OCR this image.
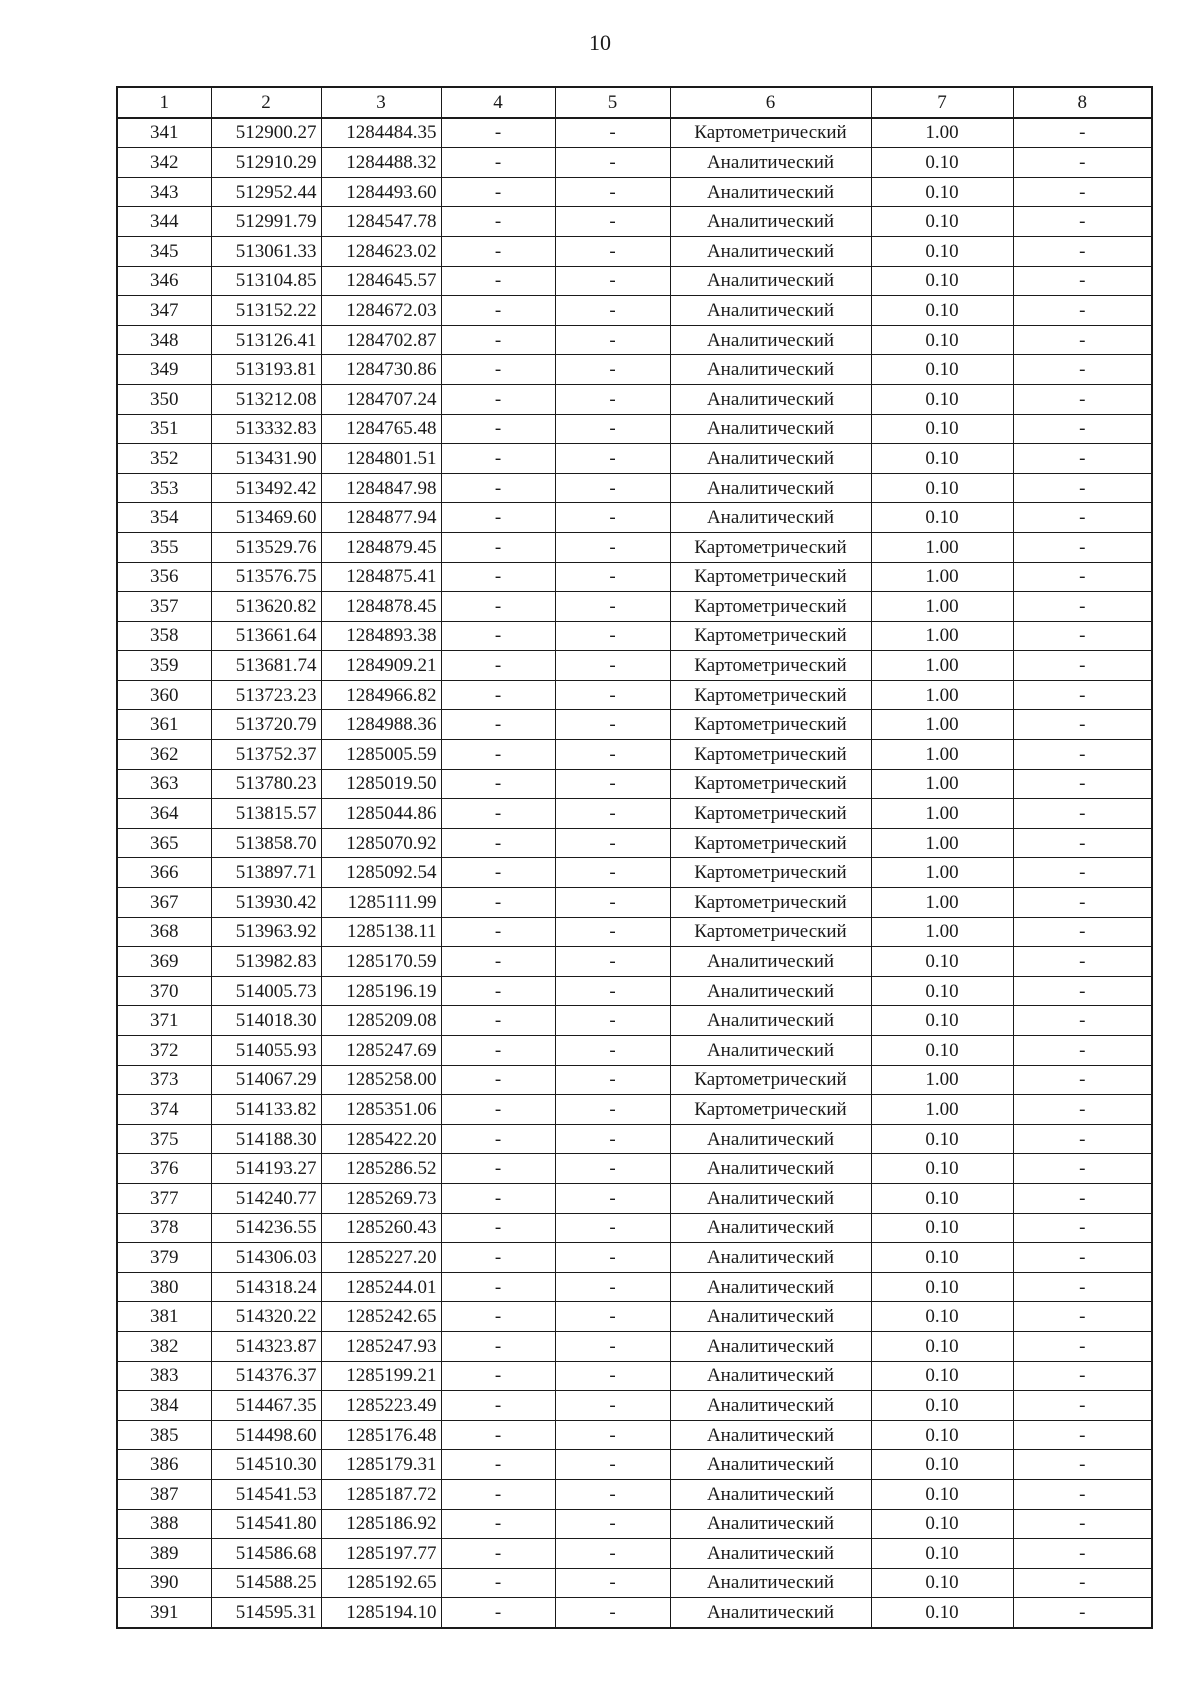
10
1	2	3	4	5	6	7	8
341	512900.27	1284484.35	-	-	Картометрический	1.00	-
342	512910.29	1284488.32	-	-	Аналитический	0.10	-
343	512952.44	1284493.60	-	-	Аналитический	0.10	-
344	512991.79	1284547.78	-	-	Аналитический	0.10	-
345	513061.33	1284623.02	-	-	Аналитический	0.10	-
346	513104.85	1284645.57	-	-	Аналитический	0.10	-
347	513152.22	1284672.03	-	-	Аналитический	0.10	-
348	513126.41	1284702.87	-	-	Аналитический	0.10	-
349	513193.81	1284730.86	-	-	Аналитический	0.10	-
350	513212.08	1284707.24	-	-	Аналитический	0.10	-
351	513332.83	1284765.48	-	-	Аналитический	0.10	-
352	513431.90	1284801.51	-	-	Аналитический	0.10	-
353	513492.42	1284847.98	-	-	Аналитический	0.10	-
354	513469.60	1284877.94	-	-	Аналитический	0.10	-
355	513529.76	1284879.45	-	-	Картометрический	1.00	-
356	513576.75	1284875.41	-	-	Картометрический	1.00	-
357	513620.82	1284878.45	-	-	Картометрический	1.00	-
358	513661.64	1284893.38	-	-	Картометрический	1.00	-
359	513681.74	1284909.21	-	-	Картометрический	1.00	-
360	513723.23	1284966.82	-	-	Картометрический	1.00	-
361	513720.79	1284988.36	-	-	Картометрический	1.00	-
362	513752.37	1285005.59	-	-	Картометрический	1.00	-
363	513780.23	1285019.50	-	-	Картометрический	1.00	-
364	513815.57	1285044.86	-	-	Картометрический	1.00	-
365	513858.70	1285070.92	-	-	Картометрический	1.00	-
366	513897.71	1285092.54	-	-	Картометрический	1.00	-
367	513930.42	1285111.99	-	-	Картометрический	1.00	-
368	513963.92	1285138.11	-	-	Картометрический	1.00	-
369	513982.83	1285170.59	-	-	Аналитический	0.10	-
370	514005.73	1285196.19	-	-	Аналитический	0.10	-
371	514018.30	1285209.08	-	-	Аналитический	0.10	-
372	514055.93	1285247.69	-	-	Аналитический	0.10	-
373	514067.29	1285258.00	-	-	Картометрический	1.00	-
374	514133.82	1285351.06	-	-	Картометрический	1.00	-
375	514188.30	1285422.20	-	-	Аналитический	0.10	-
376	514193.27	1285286.52	-	-	Аналитический	0.10	-
377	514240.77	1285269.73	-	-	Аналитический	0.10	-
378	514236.55	1285260.43	-	-	Аналитический	0.10	-
379	514306.03	1285227.20	-	-	Аналитический	0.10	-
380	514318.24	1285244.01	-	-	Аналитический	0.10	-
381	514320.22	1285242.65	-	-	Аналитический	0.10	-
382	514323.87	1285247.93	-	-	Аналитический	0.10	-
383	514376.37	1285199.21	-	-	Аналитический	0.10	-
384	514467.35	1285223.49	-	-	Аналитический	0.10	-
385	514498.60	1285176.48	-	-	Аналитический	0.10	-
386	514510.30	1285179.31	-	-	Аналитический	0.10	-
387	514541.53	1285187.72	-	-	Аналитический	0.10	-
388	514541.80	1285186.92	-	-	Аналитический	0.10	-
389	514586.68	1285197.77	-	-	Аналитический	0.10	-
390	514588.25	1285192.65	-	-	Аналитический	0.10	-
391	514595.31	1285194.10	-	-	Аналитический	0.10	-
